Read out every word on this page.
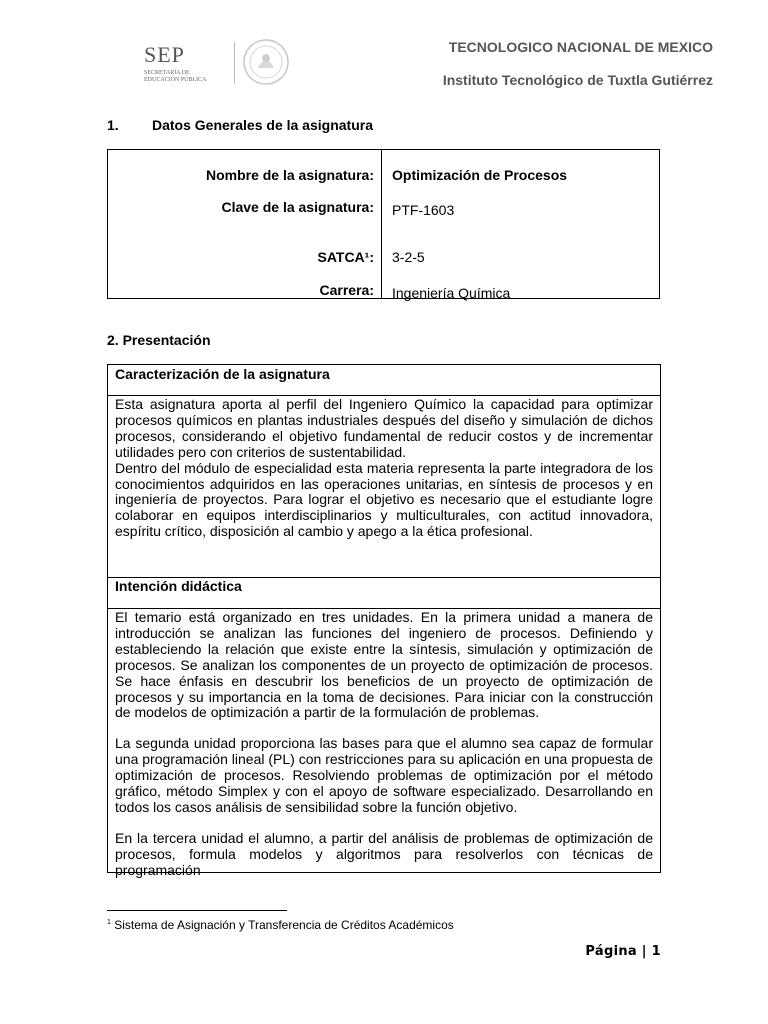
SEP
SECRETARÍA DE EDUCACIÓN PÚBLICA
TECNOLOGICO NACIONAL DE MEXICO
Instituto Tecnológico de Tuxtla Gutiérrez
1. Datos Generales de la asignatura
Nombre de la asignatura: Optimización de Procesos
Clave de la asignatura: PTF-1603
SATCA¹: 3-2-5
Carrera: Ingeniería Química
2. Presentación
Caracterización de la asignatura

Esta asignatura aporta al perfil del Ingeniero Químico la capacidad para optimizar procesos químicos en plantas industriales después del diseño y simulación de dichos procesos, considerando el objetivo fundamental de reducir costos y de incrementar utilidades pero con criterios de sustentabilidad.

Dentro del módulo de especialidad esta materia representa la parte integradora de los conocimientos adquiridos en las operaciones unitarias, en síntesis de procesos y en ingeniería de proyectos. Para lograr el objetivo es necesario que el estudiante logre colaborar en equipos interdisciplinarios y multiculturales, con actitud innovadora, espíritu crítico, disposición al cambio y apego a la ética profesional.

Intención didáctica

El temario está organizado en tres unidades. En la primera unidad a manera de introducción se analizan las funciones del ingeniero de procesos. Definiendo y estableciendo la relación que existe entre la síntesis, simulación y optimización de procesos. Se analizan los componentes de un proyecto de optimización de procesos. Se hace énfasis en descubrir los beneficios de un proyecto de optimización de procesos y su importancia en la toma de decisiones. Para iniciar con la construcción de modelos de optimización a partir de la formulación de problemas.

La segunda unidad proporciona las bases para que el alumno sea capaz de formular una programación lineal (PL) con restricciones para su aplicación en una propuesta de optimización de procesos. Resolviendo problemas de optimización por el método gráfico, método Simplex y con el apoyo de software especializado. Desarrollando en todos los casos análisis de sensibilidad sobre la función objetivo.

En la tercera unidad el alumno, a partir del análisis de problemas de optimización de procesos, formula modelos y algoritmos para resolverlos con técnicas de programación

$^1$ Sistema de Asignación y Transferencia de Créditos Académicos
Página | 1
